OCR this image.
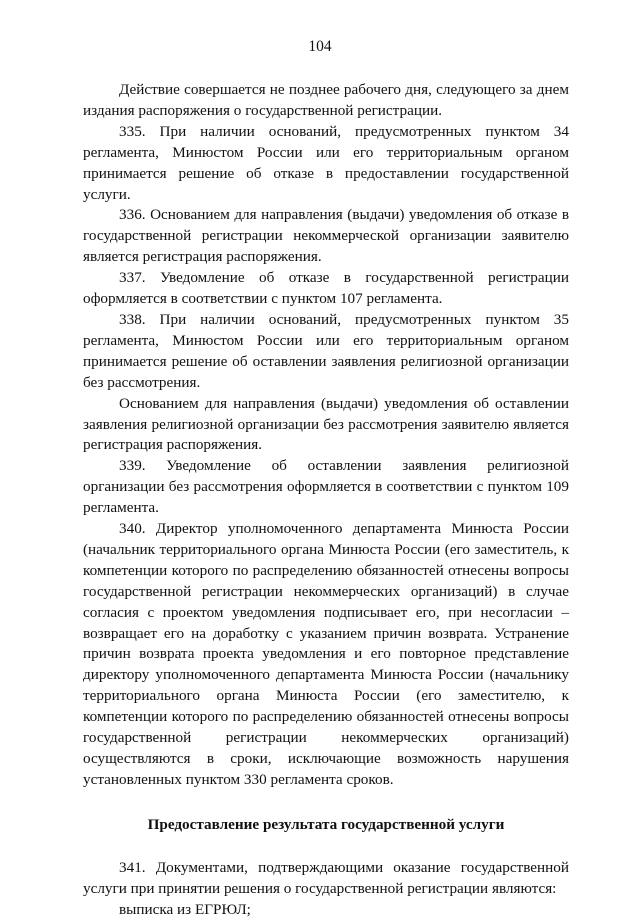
104

Действие совершается не позднее рабочего дня, следующего за днем издания распоряжения о государственной регистрации.

335. При наличии оснований, предусмотренных пунктом 34 регламента, Минюстом России или его территориальным органом принимается решение об отказе в предоставлении государственной услуги.

336. Основанием для направления (выдачи) уведомления об отказе в государственной регистрации некоммерческой организации заявителю является регистрация распоряжения.

337. Уведомление об отказе в государственной регистрации оформляется в соответствии с пунктом 107 регламента.

338. При наличии оснований, предусмотренных пунктом 35 регламента, Минюстом России или его территориальным органом принимается решение об оставлении заявления религиозной организации без рассмотрения.

Основанием для направления (выдачи) уведомления об оставлении заявления религиозной организации без рассмотрения заявителю является регистрация распоряжения.

339. Уведомление об оставлении заявления религиозной организации без рассмотрения оформляется в соответствии с пунктом 109 регламента.

340. Директор уполномоченного департамента Минюста России (начальник территориального органа Минюста России (его заместитель, к компетенции которого по распределению обязанностей отнесены вопросы государственной регистрации некоммерческих организаций) в случае согласия с проектом уведомления подписывает его, при несогласии – возвращает его на доработку с указанием причин возврата. Устранение причин возврата проекта уведомления и его повторное представление директору уполномоченного департамента Минюста России (начальнику территориального органа Минюста России (его заместителю, к компетенции которого по распределению обязанностей отнесены вопросы государственной регистрации некоммерческих организаций) осуществляются в сроки, исключающие возможность нарушения установленных пунктом 330 регламента сроков.

Предоставление результата государственной услуги

341. Документами, подтверждающими оказание государственной услуги при принятии решения о государственной регистрации являются:

выписка из ЕГРЮЛ;
